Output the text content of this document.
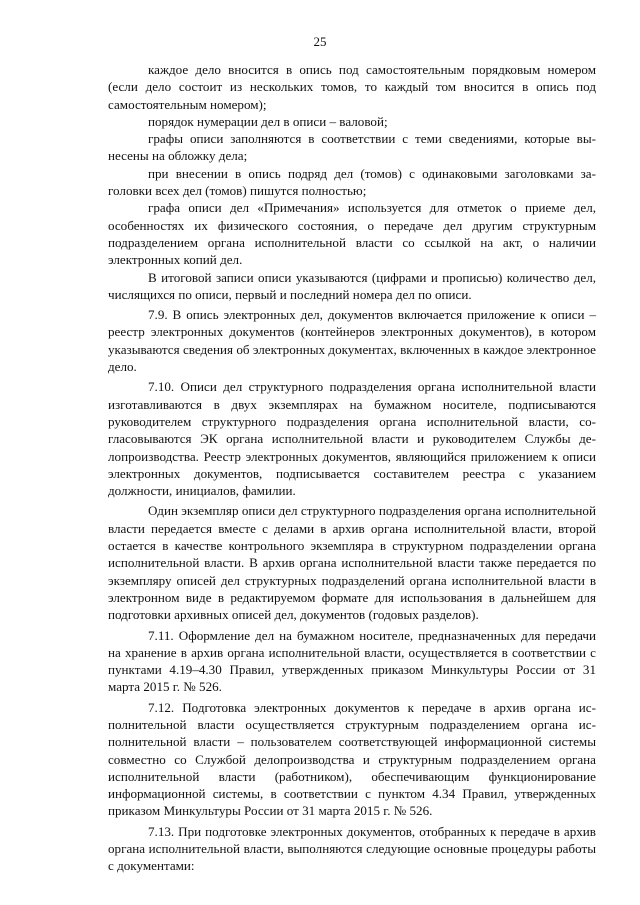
25

каждое дело вносится в опись под самостоятельным порядковым номером (если дело состоит из нескольких томов, то каждый том вносится в опись под самостоятельным номером);

порядок нумерации дел в описи – валовой;

графы описи заполняются в соответствии с теми сведениями, которые вынесены на обложку дела;

при внесении в опись подряд дел (томов) с одинаковыми заголовками заголовки всех дел (томов) пишутся полностью;

графа описи дел «Примечания» используется для отметок о приеме дел, особенностях их физического состояния, о передаче дел другим структурным подразделением органа исполнительной власти со ссылкой на акт, о наличии электронных копий дел.

В итоговой записи описи указываются (цифрами и прописью) количество дел, числящихся по описи, первый и последний номера дел по описи.

7.9. В опись электронных дел, документов включается приложение к описи – реестр электронных документов (контейнеров электронных документов), в котором указываются сведения об электронных документах, включенных в каждое электронное дело.

7.10. Описи дел структурного подразделения органа исполнительной власти изготавливаются в двух экземплярах на бумажном носителе, подписываются руководителем структурного подразделения органа исполнительной власти, согласовываются ЭК органа исполнительной власти и руководителем Службы делопроизводства. Реестр электронных документов, являющийся приложением к описи электронных документов, подписывается составителем реестра с указанием должности, инициалов, фамилии.

Один экземпляр описи дел структурного подразделения органа исполнительной власти передается вместе с делами в архив органа исполнительной власти, второй остается в качестве контрольного экземпляра в структурном подразделении органа исполнительной власти. В архив органа исполнительной власти также передается по экземпляру описей дел структурных подразделений органа исполнительной власти в электронном виде в редактируемом формате для использования в дальнейшем для подготовки архивных описей дел, документов (годовых разделов).

7.11. Оформление дел на бумажном носителе, предназначенных для передачи на хранение в архив органа исполнительной власти, осуществляется в соответствии с пунктами 4.19–4.30 Правил, утвержденных приказом Минкультуры России от 31 марта 2015 г. № 526.

7.12. Подготовка электронных документов к передаче в архив органа исполнительной власти осуществляется структурным подразделением органа исполнительной власти – пользователем соответствующей информационной системы совместно со Службой делопроизводства и структурным подразделением органа исполнительной власти (работником), обеспечивающим функционирование информационной системы, в соответствии с пунктом 4.34 Правил, утвержденных приказом Минкультуры России от 31 марта 2015 г. № 526.

7.13. При подготовке электронных документов, отобранных к передаче в архив органа исполнительной власти, выполняются следующие основные процедуры работы с документами:
